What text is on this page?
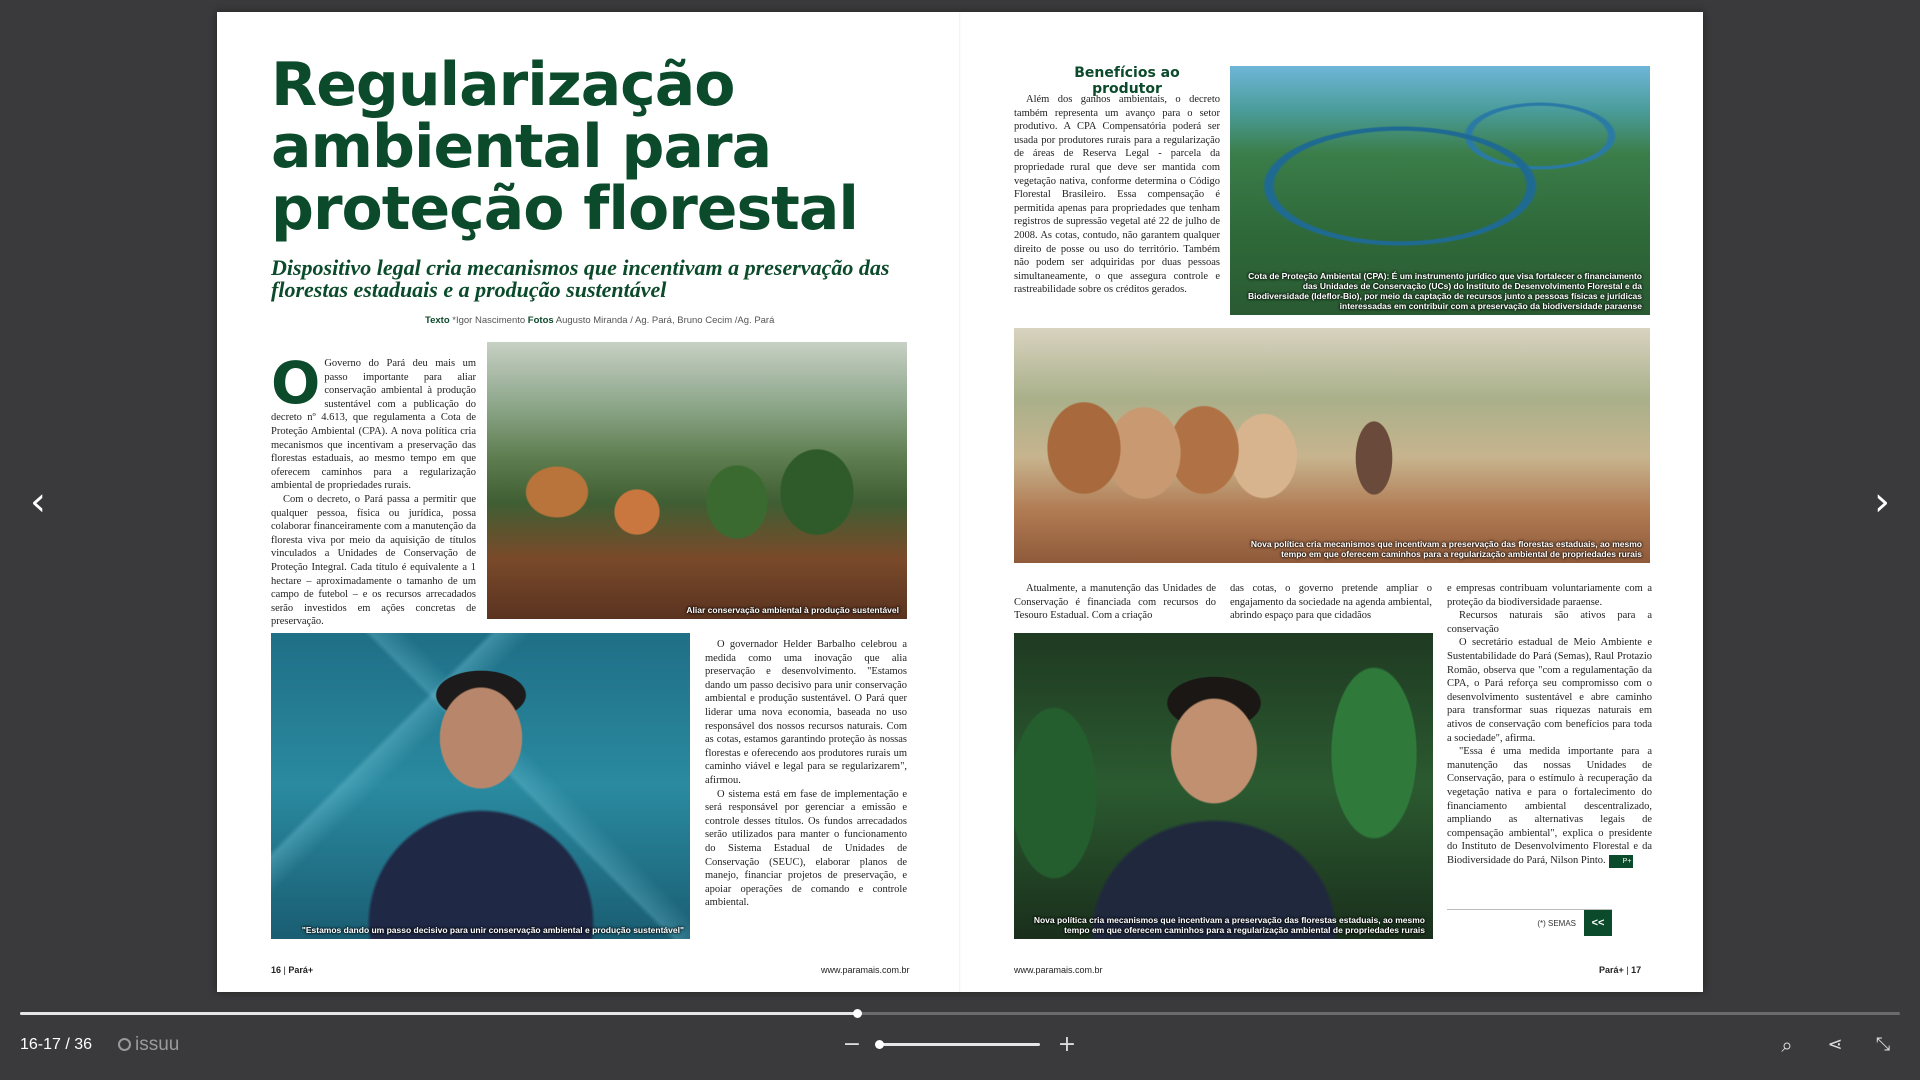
‹	›
Regularização ambiental para proteção florestal
Dispositivo legal cria mecanismos que incentivam a preservação das florestas estaduais e a produção sustentável
Texto *Igor Nascimento Fotos Augusto Miranda / Ag. Pará, Bruno Cecim /Ag. Pará
O Governo do Pará deu mais um passo importante para aliar conservação ambiental à produção sustentável com a publicação do decreto nº 4.613, que regulamenta a Cota de Proteção Ambiental (CPA). A nova política cria mecanismos que incentivam a preservação das florestas estaduais, ao mesmo tempo em que oferecem caminhos para a regularização ambiental de propriedades rurais.

Com o decreto, o Pará passa a permitir que qualquer pessoa, física ou jurídica, possa colaborar financeiramente com a manutenção da floresta viva por meio da aquisição de títulos vinculados a Unidades de Conservação de Proteção Integral. Cada título é equivalente a 1 hectare – aproximadamente o tamanho de um campo de futebol – e os recursos arrecadados serão investidos em ações concretas de preservação.

Aliar conservação ambiental à produção sustentável
"Estamos dando um passo decisivo para unir conservação ambiental e produção sustentável"

O governador Helder Barbalho celebrou a medida como uma inovação que alia preservação e desenvolvimento. "Estamos dando um passo decisivo para unir conservação ambiental e produção sustentável. O Pará quer liderar uma nova economia, baseada no uso responsável dos nossos recursos naturais. Com as cotas, estamos garantindo proteção às nossas florestas e oferecendo aos produtores rurais um caminho viável e legal para se regularizarem", afirmou.

O sistema está em fase de implementação e será responsável por gerenciar a emissão e controle desses títulos. Os fundos arrecadados serão utilizados para manter o funcionamento do Sistema Estadual de Unidades de Conservação (SEUC), elaborar planos de manejo, financiar projetos de preservação, e apoiar operações de comando e controle ambiental.

16 | Pará+	www.paramais.com.br
Benefícios ao produtor

Além dos ganhos ambientais, o decreto também representa um avanço para o setor produtivo. A CPA Compensatória poderá ser usada por produtores rurais para a regularização de áreas de Reserva Legal - parcela da propriedade rural que deve ser mantida com vegetação nativa, conforme determina o Código Florestal Brasileiro. Essa compensação é permitida apenas para propriedades que tenham registros de supressão vegetal até 22 de julho de 2008. As cotas, contudo, não garantem qualquer direito de posse ou uso do território. Também não podem ser adquiridas por duas pessoas simultaneamente, o que assegura controle e rastreabilidade sobre os créditos gerados.

Cota de Proteção Ambiental (CPA): É um instrumento jurídico que visa fortalecer o financiamento das Unidades de Conservação (UCs) do Instituto de Desenvolvimento Florestal e da Biodiversidade (Ideflor-Bio), por meio da captação de recursos junto a pessoas físicas e jurídicas interessadas em contribuir com a preservação da biodiversidade paraense
Nova política cria mecanismos que incentivam a preservação das florestas estaduais, ao mesmo tempo em que oferecem caminhos para a regularização ambiental de propriedades rurais

Atualmente, a manutenção das Unidades de Conservação é financiada com recursos do Tesouro Estadual. Com a criação

das cotas, o governo pretende ampliar o engajamento da sociedade na agenda ambiental, abrindo espaço para que cidadãos

e empresas contribuam voluntariamente com a proteção da biodiversidade paraense.

Recursos naturais são ativos para a conservação

O secretário estadual de Meio Ambiente e Sustentabilidade do Pará (Semas), Raul Protazio Romão, observa que "com a regulamentação da CPA, o Pará reforça seu compromisso com o desenvolvimento sustentável e abre caminho para transformar suas riquezas naturais em ativos de conservação com benefícios para toda a sociedade", afirma.

"Essa é uma medida importante para a manutenção das nossas Unidades de Conservação, para o estímulo à recuperação da vegetação nativa e para o fortalecimento do financiamento ambiental descentralizado, ampliando as alternativas legais de compensação ambiental", explica o presidente do Instituto de Desenvolvimento Florestal e da Biodiversidade do Pará, Nilson Pinto. P+

Nova política cria mecanismos que incentivam a preservação das florestas estaduais, ao mesmo tempo em que oferecem caminhos para a regularização ambiental de propriedades rurais
(*) SEMAS	<<
www.paramais.com.br	Pará+ | 17
16-17 / 36	issuu	−	+	⌕	⋖	⤡
